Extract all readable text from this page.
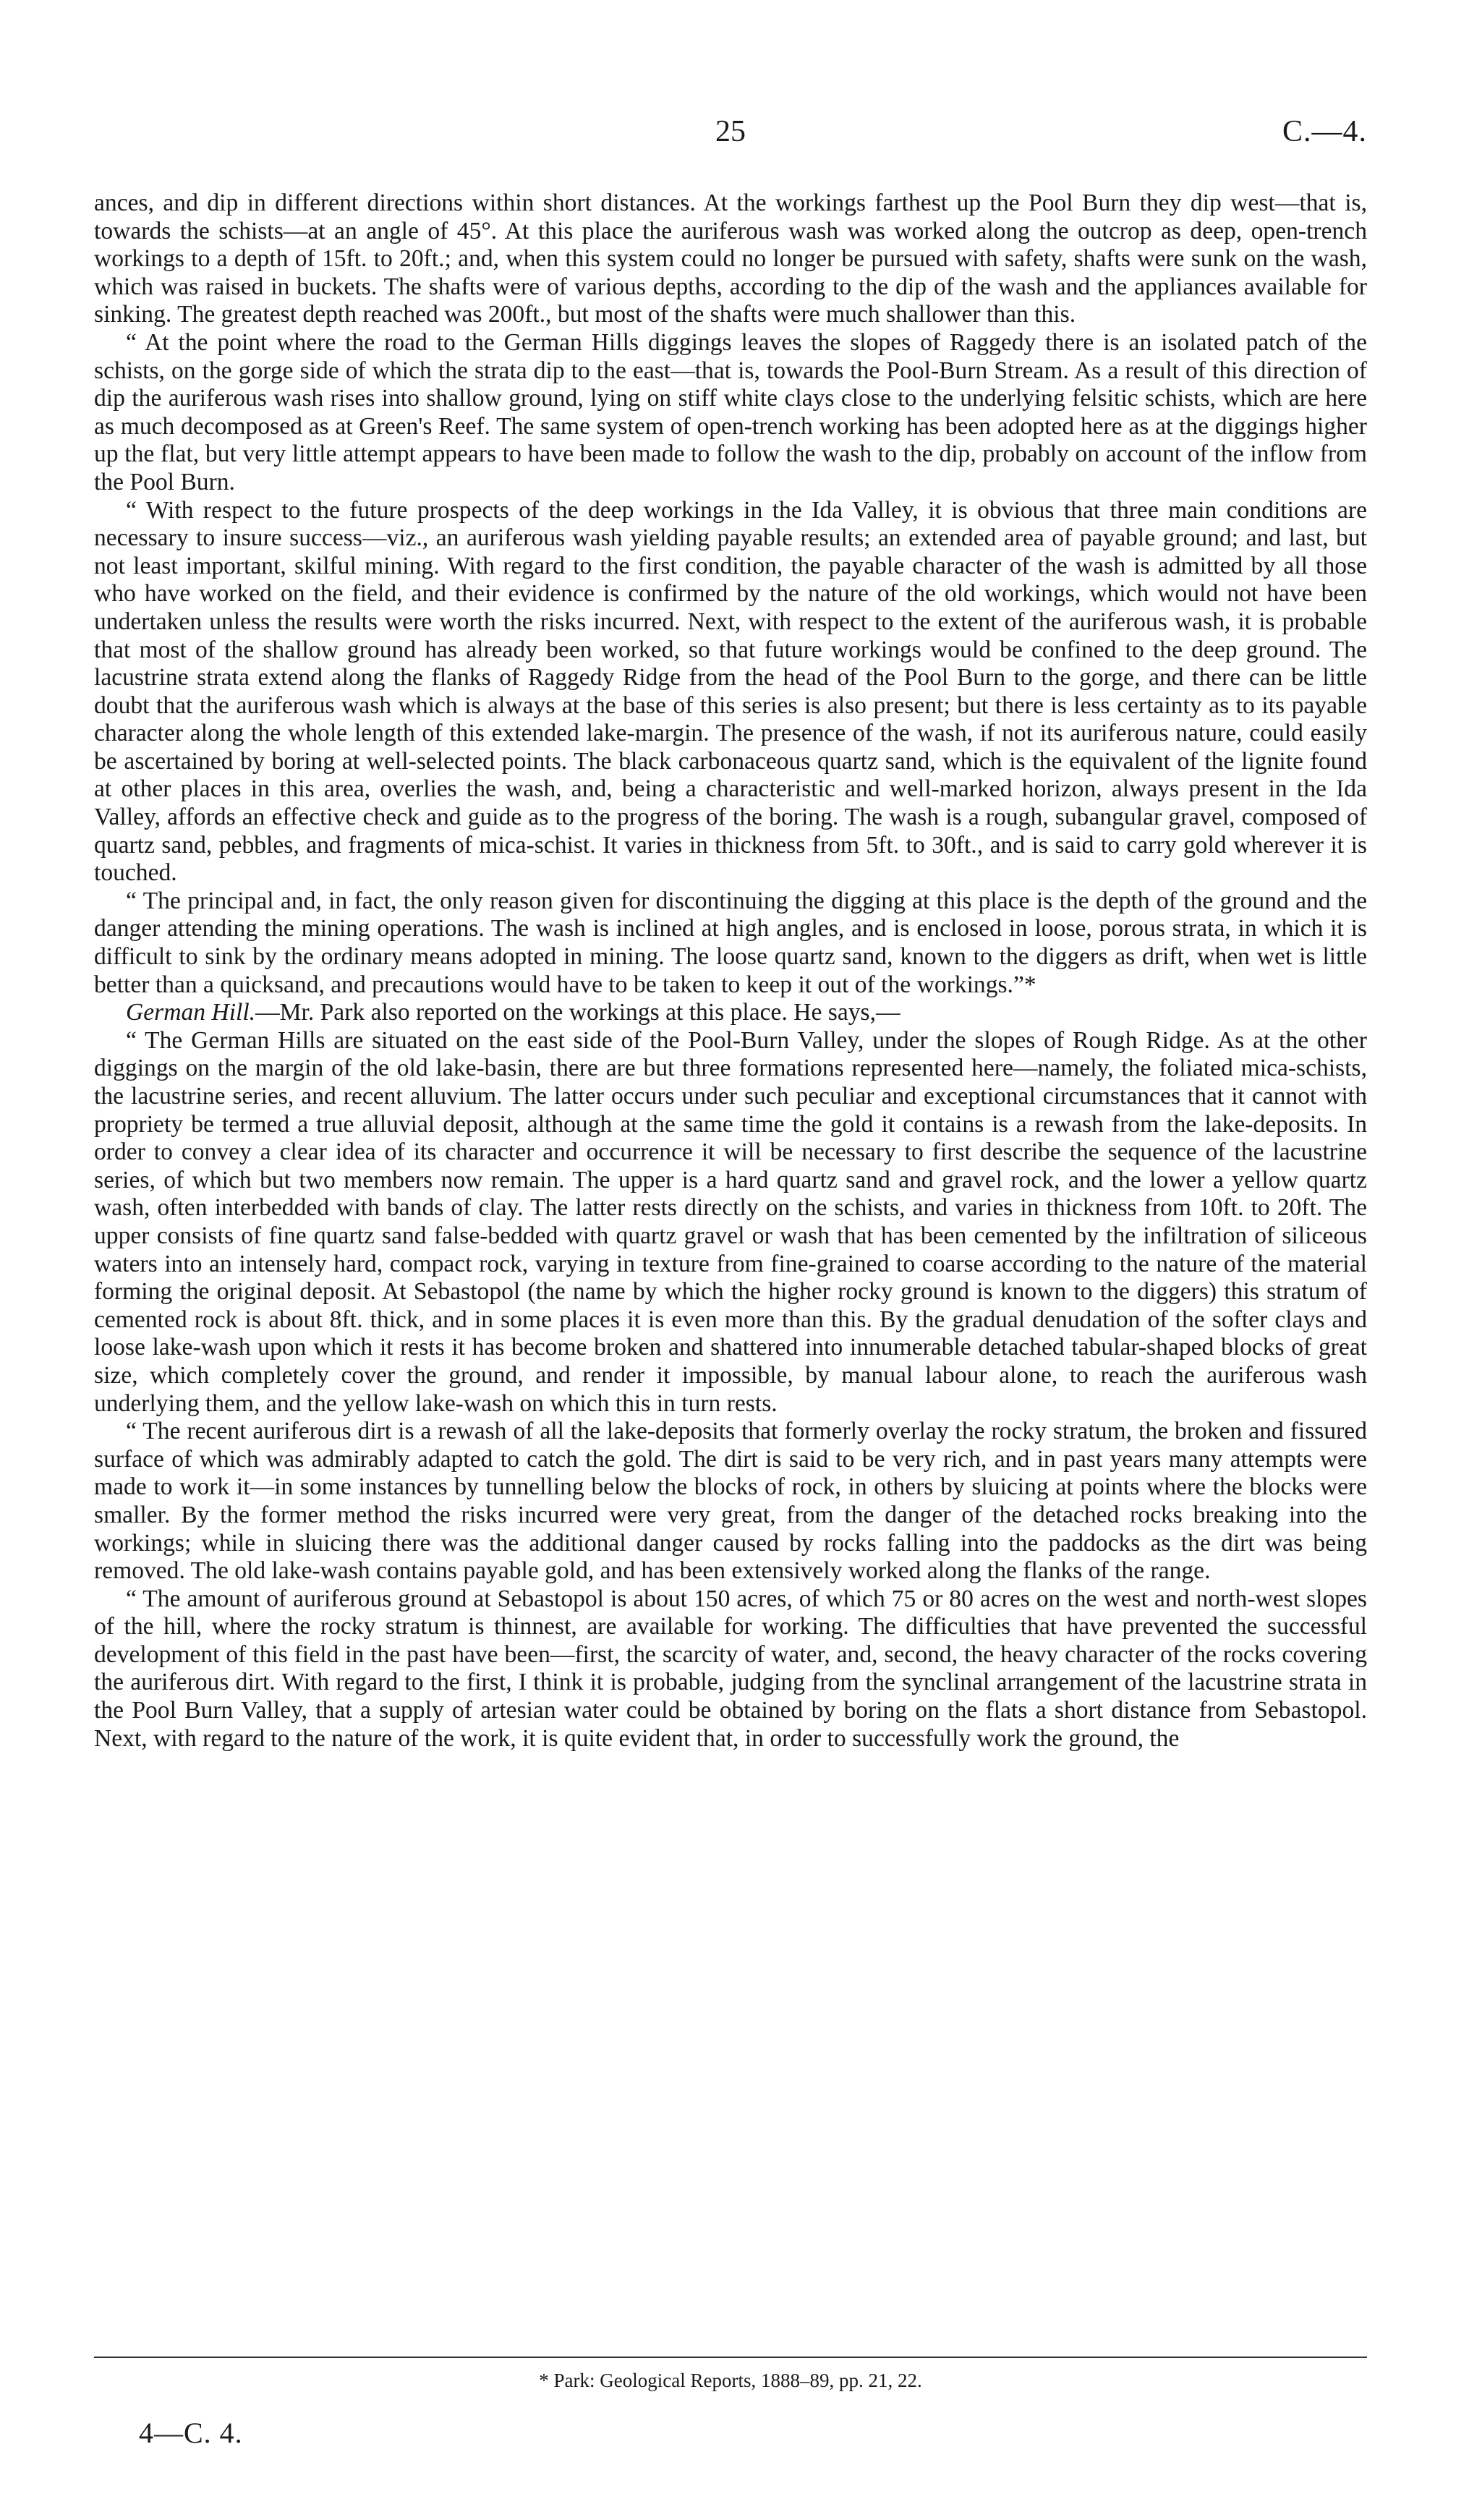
25	C.—4.

ances, and dip in different directions within short distances. At the workings farthest up the Pool Burn they dip west—that is, towards the schists—at an angle of 45°. At this place the auriferous wash was worked along the outcrop as deep, open-trench workings to a depth of 15ft. to 20ft.; and, when this system could no longer be pursued with safety, shafts were sunk on the wash, which was raised in buckets. The shafts were of various depths, according to the dip of the wash and the appliances available for sinking. The greatest depth reached was 200ft., but most of the shafts were much shallower than this.

“ At the point where the road to the German Hills diggings leaves the slopes of Raggedy there is an isolated patch of the schists, on the gorge side of which the strata dip to the east—that is, towards the Pool-Burn Stream. As a result of this direction of dip the auriferous wash rises into shallow ground, lying on stiff white clays close to the underlying felsitic schists, which are here as much decomposed as at Green's Reef. The same system of open-trench working has been adopted here as at the diggings higher up the flat, but very little attempt appears to have been made to follow the wash to the dip, probably on account of the inflow from the Pool Burn.

“ With respect to the future prospects of the deep workings in the Ida Valley, it is obvious that three main conditions are necessary to insure success—viz., an auriferous wash yielding payable results; an extended area of payable ground; and last, but not least important, skilful mining. With regard to the first condition, the payable character of the wash is admitted by all those who have worked on the field, and their evidence is confirmed by the nature of the old workings, which would not have been undertaken unless the results were worth the risks incurred. Next, with respect to the extent of the auriferous wash, it is probable that most of the shallow ground has already been worked, so that future workings would be confined to the deep ground. The lacustrine strata extend along the flanks of Raggedy Ridge from the head of the Pool Burn to the gorge, and there can be little doubt that the auriferous wash which is always at the base of this series is also present; but there is less certainty as to its payable character along the whole length of this extended lake-margin. The presence of the wash, if not its auriferous nature, could easily be ascertained by boring at well-selected points. The black carbonaceous quartz sand, which is the equivalent of the lignite found at other places in this area, overlies the wash, and, being a characteristic and well-marked horizon, always present in the Ida Valley, affords an effective check and guide as to the progress of the boring. The wash is a rough, subangular gravel, composed of quartz sand, pebbles, and fragments of mica-schist. It varies in thickness from 5ft. to 30ft., and is said to carry gold wherever it is touched.

“ The principal and, in fact, the only reason given for discontinuing the digging at this place is the depth of the ground and the danger attending the mining operations. The wash is inclined at high angles, and is enclosed in loose, porous strata, in which it is difficult to sink by the ordinary means adopted in mining. The loose quartz sand, known to the diggers as drift, when wet is little better than a quicksand, and precautions would have to be taken to keep it out of the workings.”*

German Hill.—Mr. Park also reported on the workings at this place. He says,—

“ The German Hills are situated on the east side of the Pool-Burn Valley, under the slopes of Rough Ridge. As at the other diggings on the margin of the old lake-basin, there are but three formations represented here—namely, the foliated mica-schists, the lacustrine series, and recent alluvium. The latter occurs under such peculiar and exceptional circumstances that it cannot with propriety be termed a true alluvial deposit, although at the same time the gold it contains is a rewash from the lake-deposits. In order to convey a clear idea of its character and occurrence it will be necessary to first describe the sequence of the lacustrine series, of which but two members now remain. The upper is a hard quartz sand and gravel rock, and the lower a yellow quartz wash, often interbedded with bands of clay. The latter rests directly on the schists, and varies in thickness from 10ft. to 20ft. The upper consists of fine quartz sand false-bedded with quartz gravel or wash that has been cemented by the infiltration of siliceous waters into an intensely hard, compact rock, varying in texture from fine-grained to coarse according to the nature of the material forming the original deposit. At Sebastopol (the name by which the higher rocky ground is known to the diggers) this stratum of cemented rock is about 8ft. thick, and in some places it is even more than this. By the gradual denudation of the softer clays and loose lake-wash upon which it rests it has become broken and shattered into innumerable detached tabular-shaped blocks of great size, which completely cover the ground, and render it impossible, by manual labour alone, to reach the auriferous wash underlying them, and the yellow lake-wash on which this in turn rests.

“ The recent auriferous dirt is a rewash of all the lake-deposits that formerly overlay the rocky stratum, the broken and fissured surface of which was admirably adapted to catch the gold. The dirt is said to be very rich, and in past years many attempts were made to work it—in some instances by tunnelling below the blocks of rock, in others by sluicing at points where the blocks were smaller. By the former method the risks incurred were very great, from the danger of the detached rocks breaking into the workings; while in sluicing there was the additional danger caused by rocks falling into the paddocks as the dirt was being removed. The old lake-wash contains payable gold, and has been extensively worked along the flanks of the range.

“ The amount of auriferous ground at Sebastopol is about 150 acres, of which 75 or 80 acres on the west and north-west slopes of the hill, where the rocky stratum is thinnest, are available for working. The difficulties that have prevented the successful development of this field in the past have been—first, the scarcity of water, and, second, the heavy character of the rocks covering the auriferous dirt. With regard to the first, I think it is probable, judging from the synclinal arrangement of the lacustrine strata in the Pool Burn Valley, that a supply of artesian water could be obtained by boring on the flats a short distance from Sebastopol. Next, with regard to the nature of the work, it is quite evident that, in order to successfully work the ground, the

* Park: Geological Reports, 1888–89, pp. 21, 22.
4—C. 4.
